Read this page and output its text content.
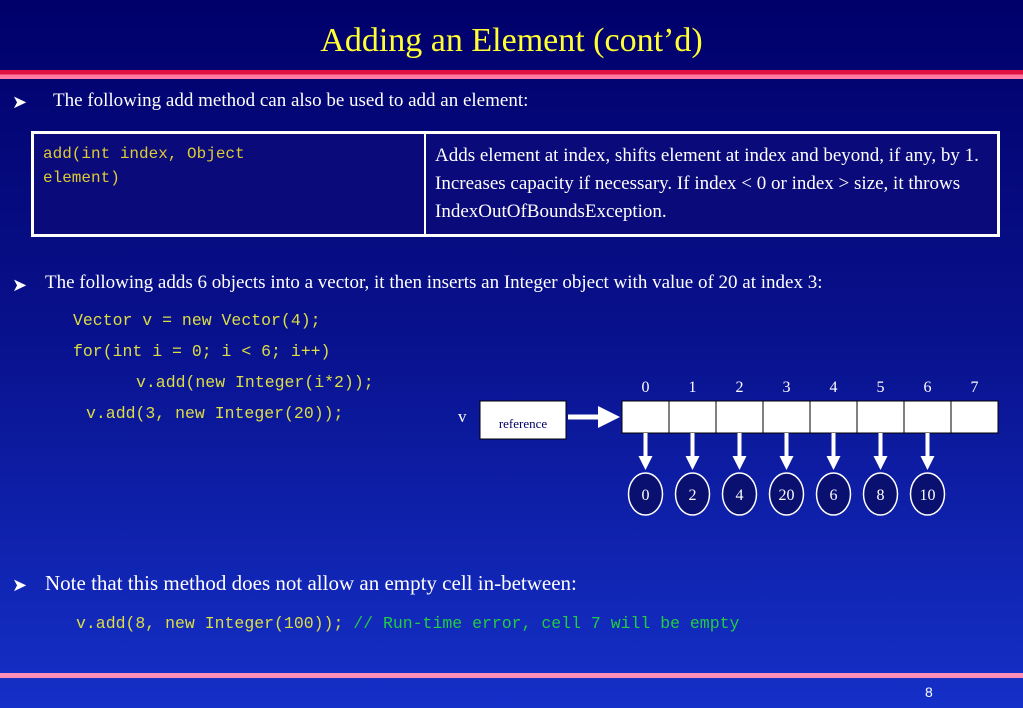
Adding an Element (cont’d)
➤ The following add method can also be used to add an element:
add(int index, Object
element)
	Adds element at index, shifts element at index and beyond, if any, by 1. Increases capacity if necessary. If index < 0 or index > size, it throws IndexOutOfBoundsException.
➤ The following adds 6 objects into a vector, it then inserts an Integer object with value of 20 at index 3:
Vector v = new Vector(4);
for(int i = 0; i < 6; i++)
v.add(new Integer(i*2));
v.add(3, new Integer(20));
0 1 2 3 4 5 6 7
v reference
0 2 4 20 6 8 10
➤ Note that this method does not allow an empty cell in-between:
v.add(8, new Integer(100)); // Run-time error, cell 7 will be empty
8
